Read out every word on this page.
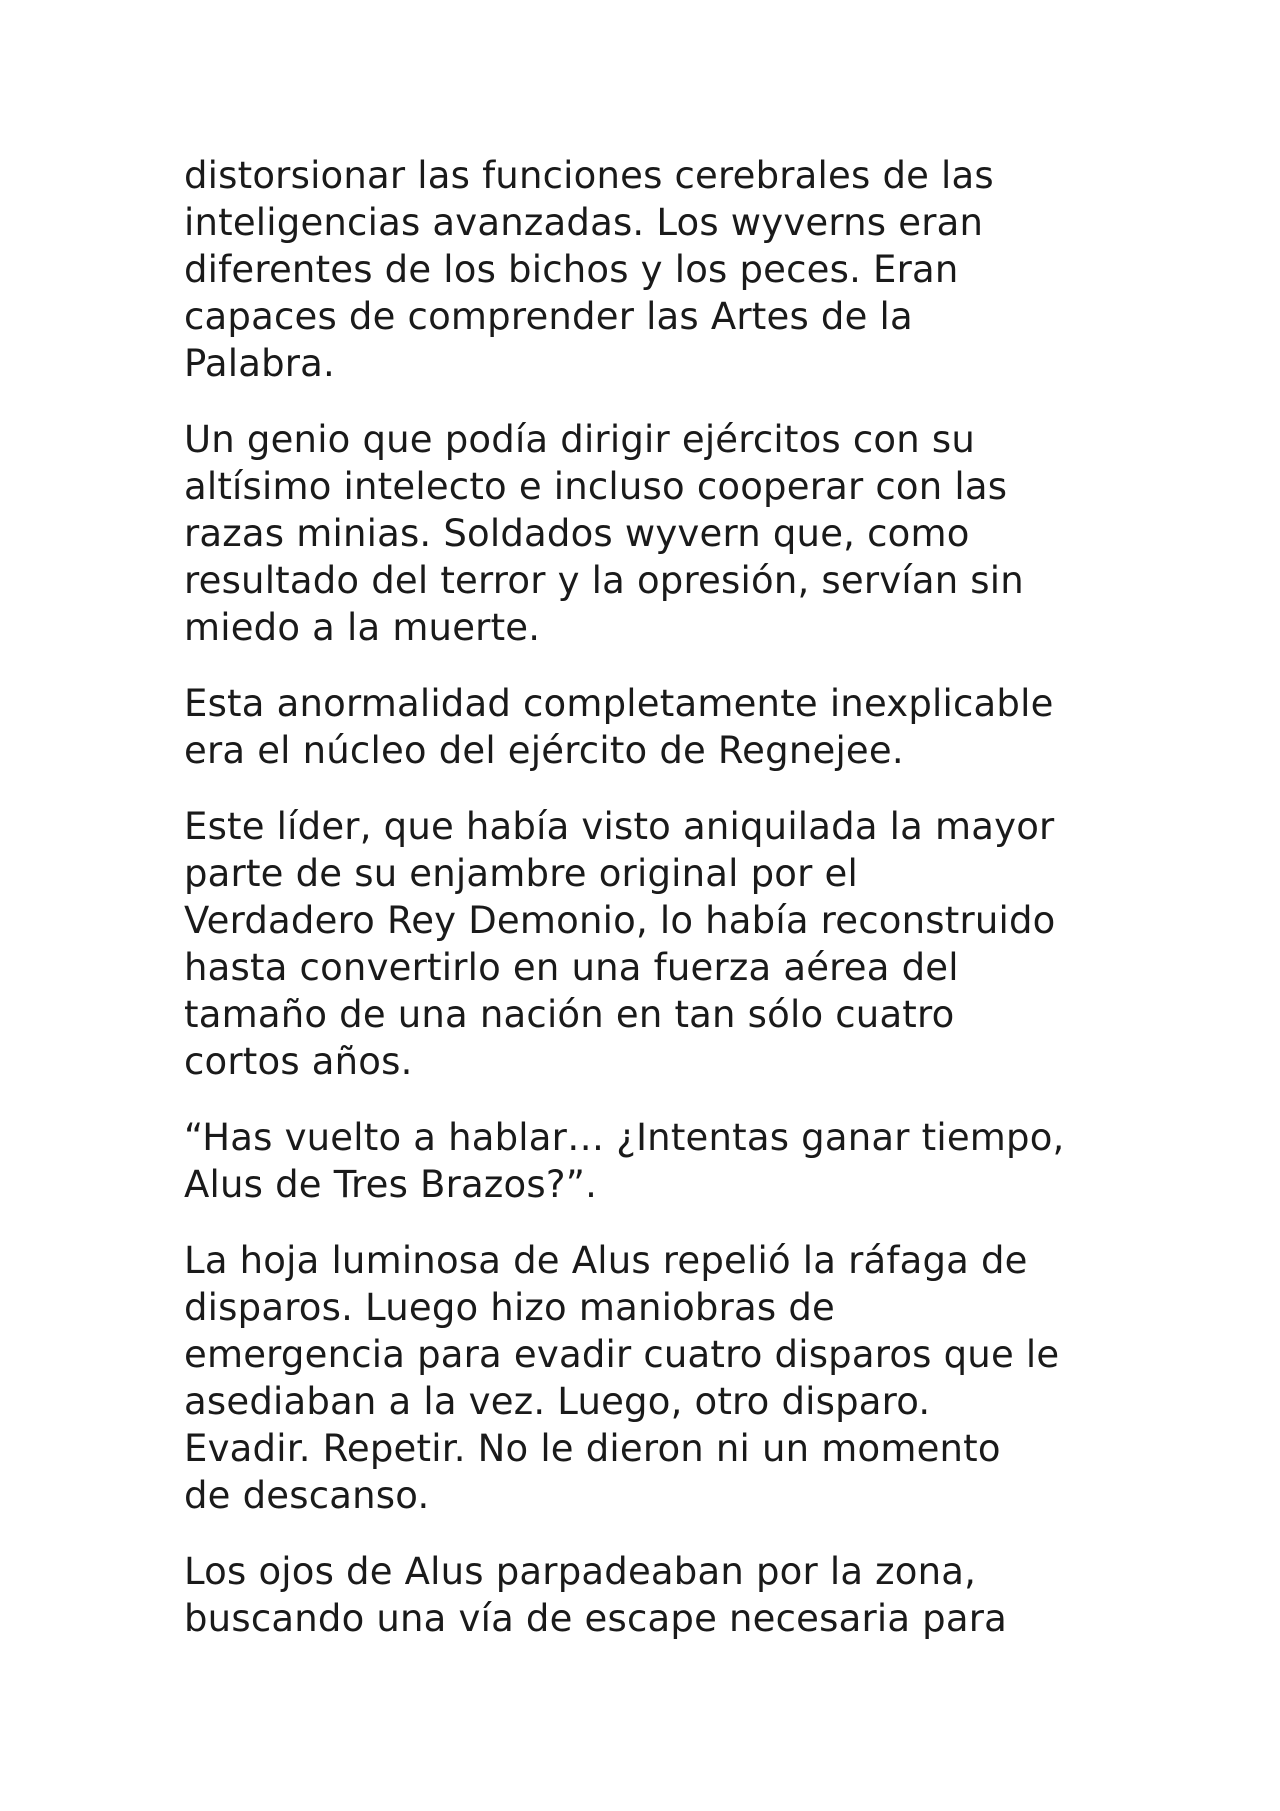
distorsionar las funciones cerebrales de las
inteligencias avanzadas. Los wyverns eran
diferentes de los bichos y los peces. Eran
capaces de comprender las Artes de la
Palabra.

Un genio que podía dirigir ejércitos con su
altísimo intelecto e incluso cooperar con las
razas minias. Soldados wyvern que, como
resultado del terror y la opresión, servían sin
miedo a la muerte.

Esta anormalidad completamente inexplicable
era el núcleo del ejército de Regnejee.

Este líder, que había visto aniquilada la mayor
parte de su enjambre original por el
Verdadero Rey Demonio, lo había reconstruido
hasta convertirlo en una fuerza aérea del
tamaño de una nación en tan sólo cuatro
cortos años.

“Has vuelto a hablar… ¿Intentas ganar tiempo,
Alus de Tres Brazos?”.

La hoja luminosa de Alus repelió la ráfaga de
disparos. Luego hizo maniobras de
emergencia para evadir cuatro disparos que le
asediaban a la vez. Luego, otro disparo.
Evadir. Repetir. No le dieron ni un momento
de descanso.

Los ojos de Alus parpadeaban por la zona,
buscando una vía de escape necesaria para
